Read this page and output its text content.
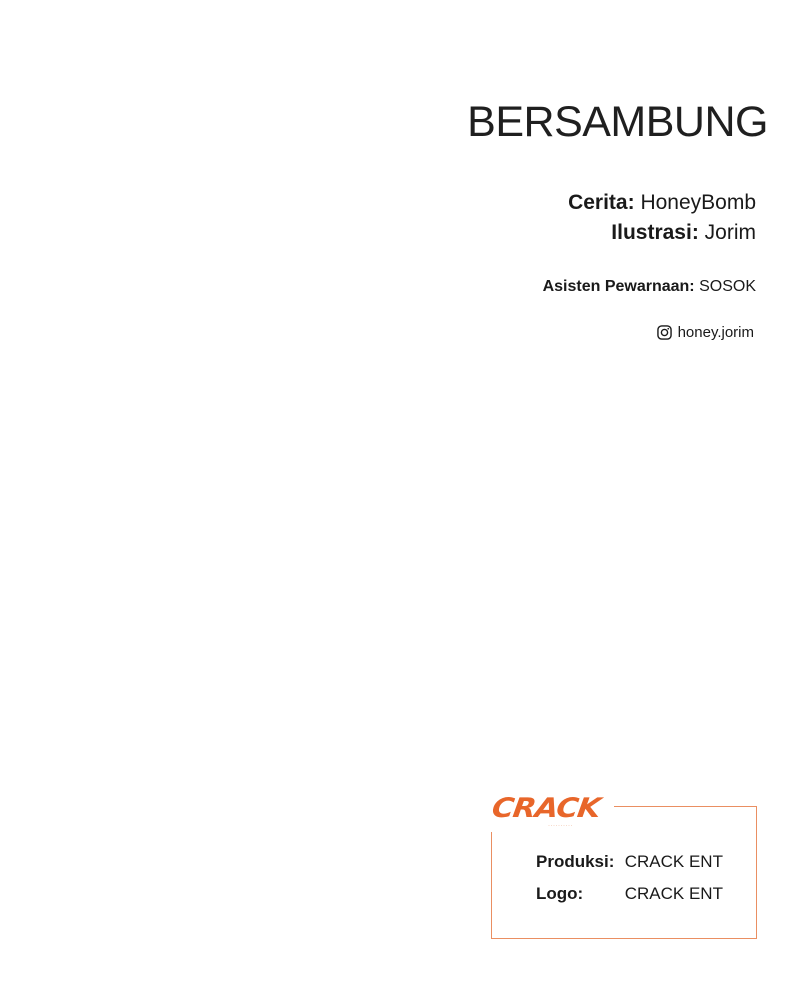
BERSAMBUNG
Cerita: HoneyBomb
Ilustrasi: Jorim
Asisten Pewarnaan: SOSOK
honey.jorim
CRACK
··········
Produksi: CRACK ENT
Logo: CRACK ENT
